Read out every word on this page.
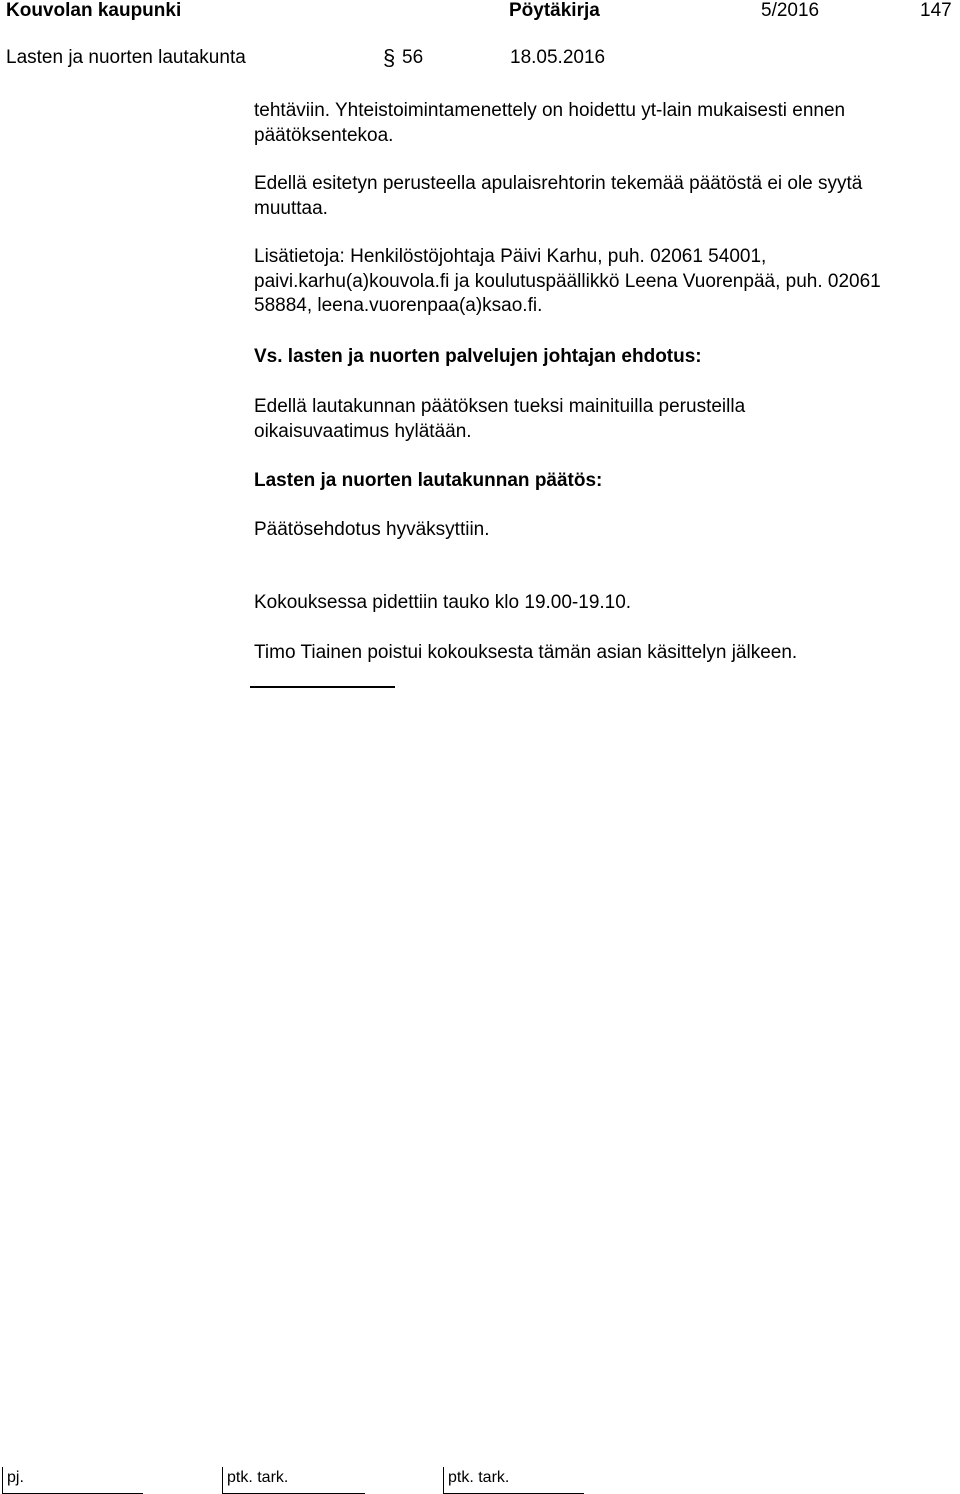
Kouvolan kaupunki	Pöytäkirja	5/2016	147
Lasten ja nuorten lautakunta	§ 56	18.05.2016
tehtäviin. Yhteistoimintamenettely on hoidettu yt-lain mukaisesti ennen
päätöksentekoa.
Edellä esitetyn perusteella apulaisrehtorin tekemää päätöstä ei ole syytä
muuttaa.
Lisätietoja: Henkilöstöjohtaja Päivi Karhu, puh. 02061 54001,
paivi.karhu(a)kouvola.fi ja koulutuspäällikkö Leena Vuorenpää, puh. 02061
58884, leena.vuorenpaa(a)ksao.fi.
Vs. lasten ja nuorten palvelujen johtajan ehdotus:
Edellä lautakunnan päätöksen tueksi mainituilla perusteilla
oikaisuvaatimus hylätään.
Lasten ja nuorten lautakunnan päätös:
Päätösehdotus hyväksyttiin.
Kokouksessa pidettiin tauko klo 19.00-19.10.
Timo Tiainen poistui kokouksesta tämän asian käsittelyn jälkeen.
pj.	ptk. tark.	ptk. tark.
